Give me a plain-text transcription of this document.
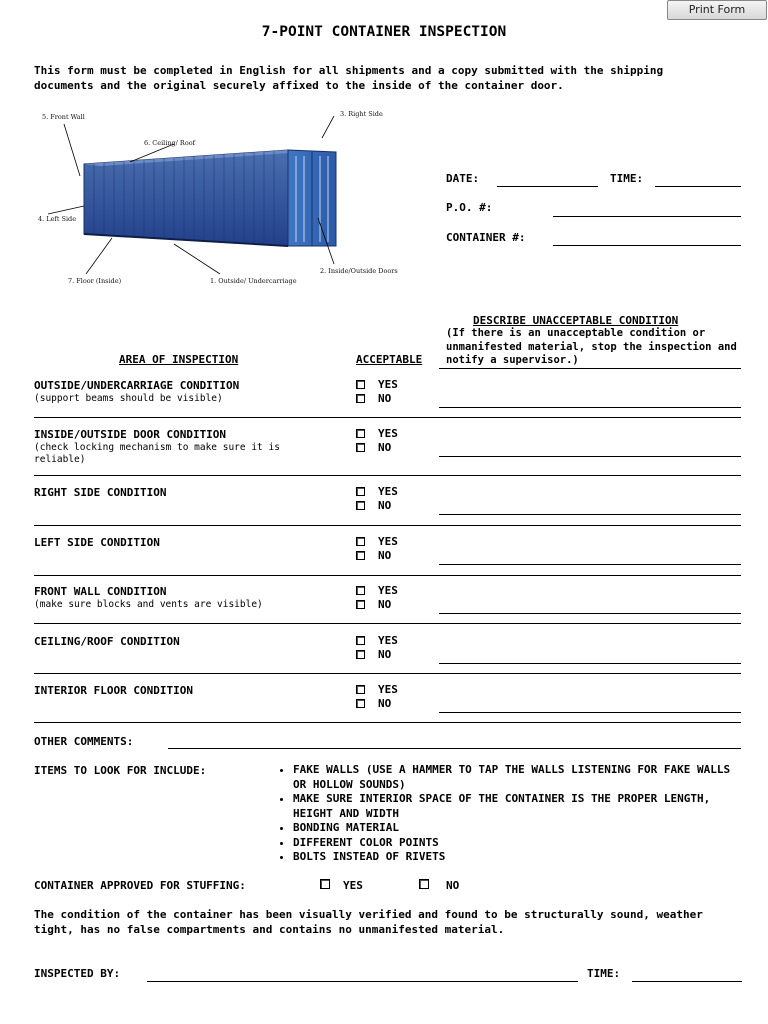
Print Form
7-POINT CONTAINER INSPECTION
This form must be completed in English for all shipments and a copy submitted with the shipping documents and the original securely affixed to the inside of the container door.
5. Front Wall
6. Ceiling/ Roof
3. Right Side
4. Left Side
7. Floor (Inside)	1. Outside/ Undercarriage
2. Inside/Outside Doors
DATE:	TIME:
P.O. #:
CONTAINER #:
AREA OF INSPECTION	ACCEPTABLE
DESCRIBE UNACCEPTABLE CONDITION
(If there is an unacceptable condition or unmanifested material, stop the inspection and notify a supervisor.)
OUTSIDE/UNDERCARRIAGE CONDITION
(support beams should be visible)
YES
NO
INSIDE/OUTSIDE DOOR CONDITION
(check locking mechanism to make sure it is reliable)
YES
NO
RIGHT SIDE CONDITION	YES
NO
LEFT SIDE CONDITION	YES
NO
FRONT WALL CONDITION
(make sure blocks and vents are visible)
YES
NO
CEILING/ROOF CONDITION	YES
NO
INTERIOR FLOOR CONDITION	YES
NO
OTHER COMMENTS:
ITEMS TO LOOK FOR INCLUDE:
•	FAKE WALLS (USE A HAMMER TO TAP THE WALLS LISTENING FOR FAKE WALLS OR HOLLOW SOUNDS)
• MAKE SURE INTERIOR SPACE OF THE CONTAINER IS THE PROPER LENGTH, HEIGHT AND WIDTH
• BONDING MATERIAL
• DIFFERENT COLOR POINTS
• BOLTS INSTEAD OF RIVETS
CONTAINER APPROVED FOR STUFFING:	YES	NO
The condition of the container has been visually verified and found to be structurally sound, weather tight, has no false compartments and contains no unmanifested material.
INSPECTED BY:	TIME:
